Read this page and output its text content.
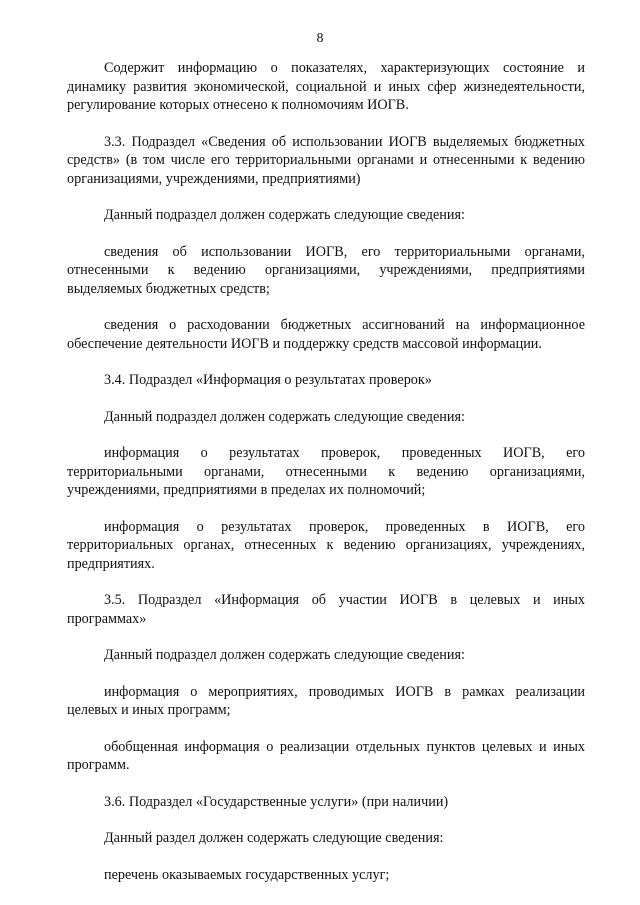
8

Содержит информацию о показателях, характеризующих состояние и динамику развития экономической, социальной и иных сфер жизнедеятельности, регулирование которых отнесено к полномочиям ИОГВ.

3.3. Подраздел «Сведения об использовании ИОГВ выделяемых бюджетных средств» (в том числе его территориальными органами и отнесенными к ведению организациями, учреждениями, предприятиями)

Данный подраздел должен содержать следующие сведения:

сведения об использовании ИОГВ, его территориальными органами, отнесенными к ведению организациями, учреждениями, предприятиями выделяемых бюджетных средств;

сведения о расходовании бюджетных ассигнований на информационное обеспечение деятельности ИОГВ и поддержку средств массовой информации.

3.4. Подраздел «Информация о результатах проверок»

Данный подраздел должен содержать следующие сведения:

информация о результатах проверок, проведенных ИОГВ, его территориальными органами, отнесенными к ведению организациями, учреждениями, предприятиями в пределах их полномочий;

информация о результатах проверок, проведенных в ИОГВ, его территориальных органах, отнесенных к ведению организациях, учреждениях, предприятиях.

3.5. Подраздел «Информация об участии ИОГВ в целевых и иных программах»

Данный подраздел должен содержать следующие сведения:

информация о мероприятиях, проводимых ИОГВ в рамках реализации целевых и иных программ;

обобщенная информация о реализации отдельных пунктов целевых и иных программ.

3.6. Подраздел «Государственные услуги» (при наличии)

Данный раздел должен содержать следующие сведения:

перечень оказываемых государственных услуг;
